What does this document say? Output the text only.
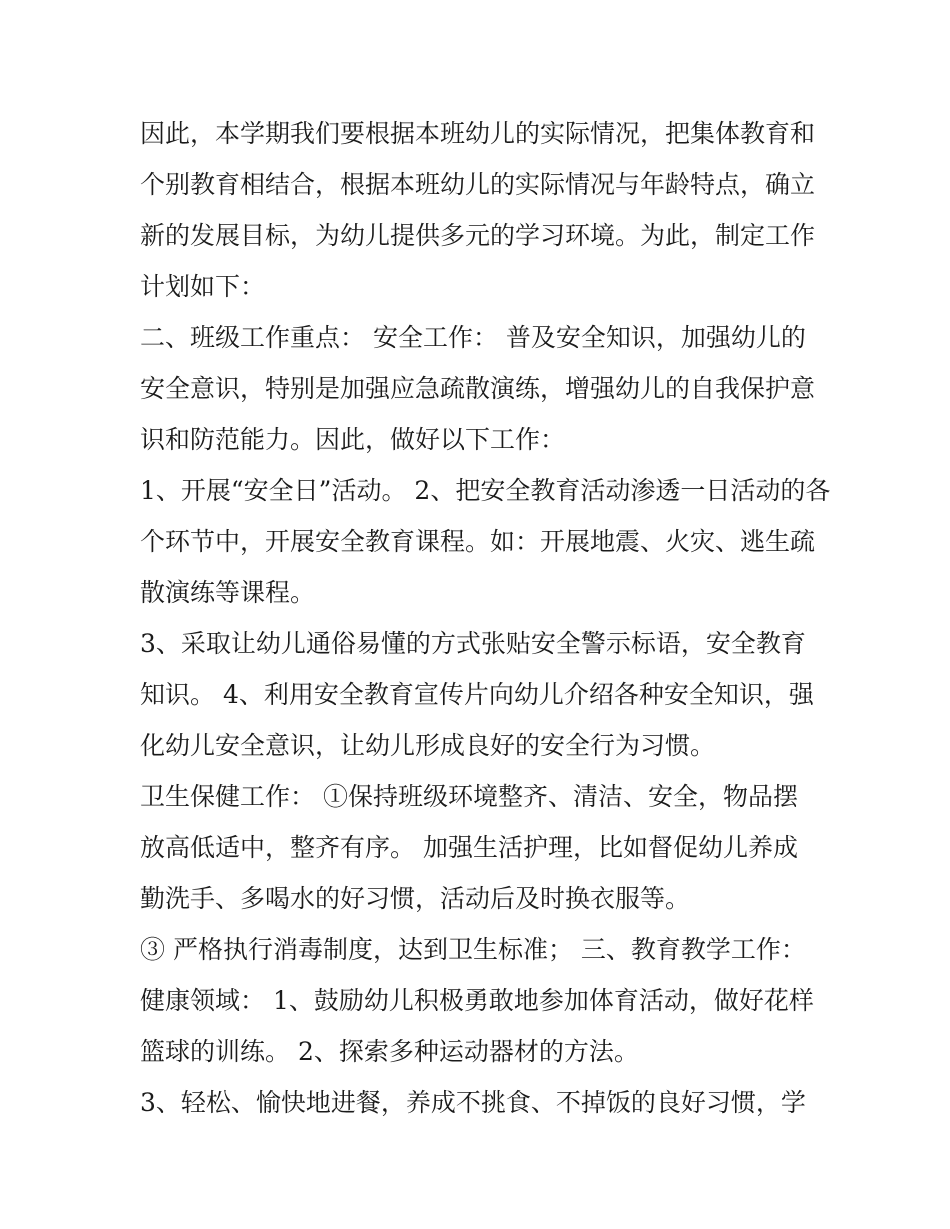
因此，本学期我们要根据本班幼儿的实际情况，把集体教育和
个别教育相结合，根据本班幼儿的实际情况与年龄特点，确立
新的发展目标，为幼儿提供多元的学习环境。为此，制定工作
计划如下：
二、班级工作重点： 安全工作： 普及安全知识，加强幼儿的
安全意识，特别是加强应急疏散演练，增强幼儿的自我保护意
识和防范能力。因此，做好以下工作：
1、开展“安全日”活动。 2、把安全教育活动渗透一日活动的各
个环节中，开展安全教育课程。如：开展地震、火灾、逃生疏
散演练等课程。
3、采取让幼儿通俗易懂的方式张贴安全警示标语，安全教育
知识。 4、利用安全教育宣传片向幼儿介绍各种安全知识，强
化幼儿安全意识，让幼儿形成良好的安全行为习惯。
卫生保健工作： ①保持班级环境整齐、清洁、安全，物品摆
放高低适中，整齐有序。 加强生活护理，比如督促幼儿养成
勤洗手、多喝水的好习惯，活动后及时换衣服等。
③ 严格执行消毒制度，达到卫生标准； 三、教育教学工作：
健康领域： 1、鼓励幼儿积极勇敢地参加体育活动，做好花样
篮球的训练。 2、探索多种运动器材的方法。
3、轻松、愉快地进餐，养成不挑食、不掉饭的良好习惯，学
